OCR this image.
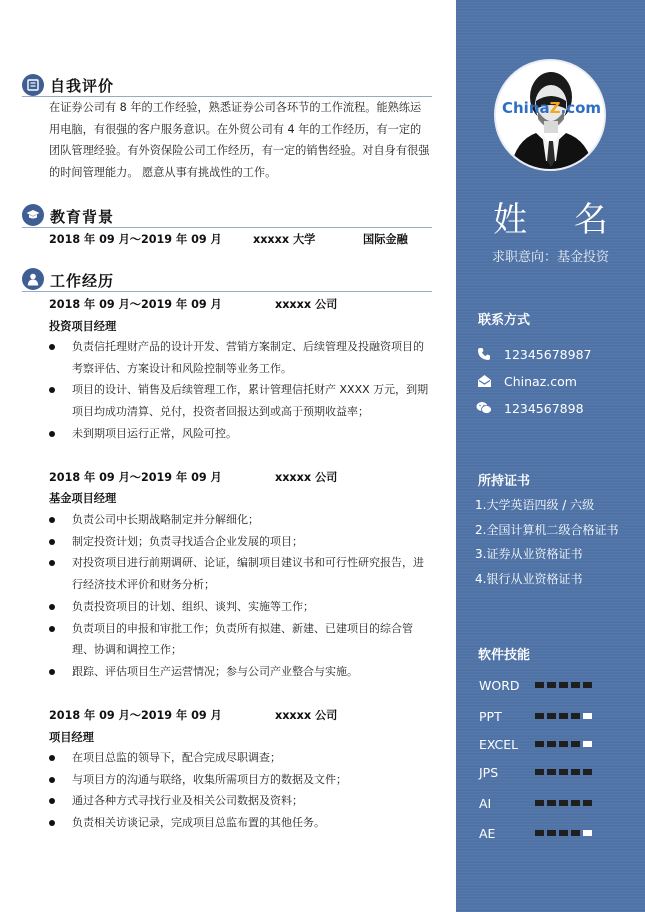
ChinaZ.com
姓 名
求职意向：基金投资
联系方式
12345678987
Chinaz.com
1234567898
所持证书
1.大学英语四级 / 六级
2.全国计算机二级合格证书
3.证券从业资格证书
4.银行从业资格证书
软件技能
WORD
PPT
EXCEL
JPS
AI
AE
自我评价
在证券公司有 8 年的工作经验，熟悉证券公司各环节的工作流程。能熟练运用电脑，有很强的客户服务意识。在外贸公司有 4 年的工作经历，有一定的团队管理经验。有外资保险公司工作经历，有一定的销售经验。对自身有很强的时间管理能力。 愿意从事有挑战性的工作。
教育背景
2018 年 09 月～2019 年 09 月	xxxxx 大学	国际金融
工作经历
2018 年 09 月～2019 年 09 月	xxxxx 公司
投资项目经理
负责信托理财产品的设计开发、营销方案制定、后续管理及投融资项目的考察评估、方案设计和风险控制等业务工作。
项目的设计、销售及后续管理工作，累计管理信托财产 XXXX 万元，到期项目均成功清算、兑付，投资者回报达到或高于预期收益率；
未到期项目运行正常，风险可控。
2018 年 09 月～2019 年 09 月	xxxxx 公司
基金项目经理
负责公司中长期战略制定并分解细化；
制定投资计划；负责寻找适合企业发展的项目；
对投资项目进行前期调研、论证，编制项目建议书和可行性研究报告，进行经济技术评价和财务分析；
负责投资项目的计划、组织、谈判、实施等工作；
负责项目的申报和审批工作；负责所有拟建、新建、已建项目的综合管理、协调和调控工作；
跟踪、评估项目生产运营情况；参与公司产业整合与实施。
2018 年 09 月～2019 年 09 月	xxxxx 公司
项目经理
在项目总监的领导下，配合完成尽职调查；
与项目方的沟通与联络，收集所需项目方的数据及文件；
通过各种方式寻找行业及相关公司数据及资料；
负责相关访谈记录，完成项目总监布置的其他任务。
